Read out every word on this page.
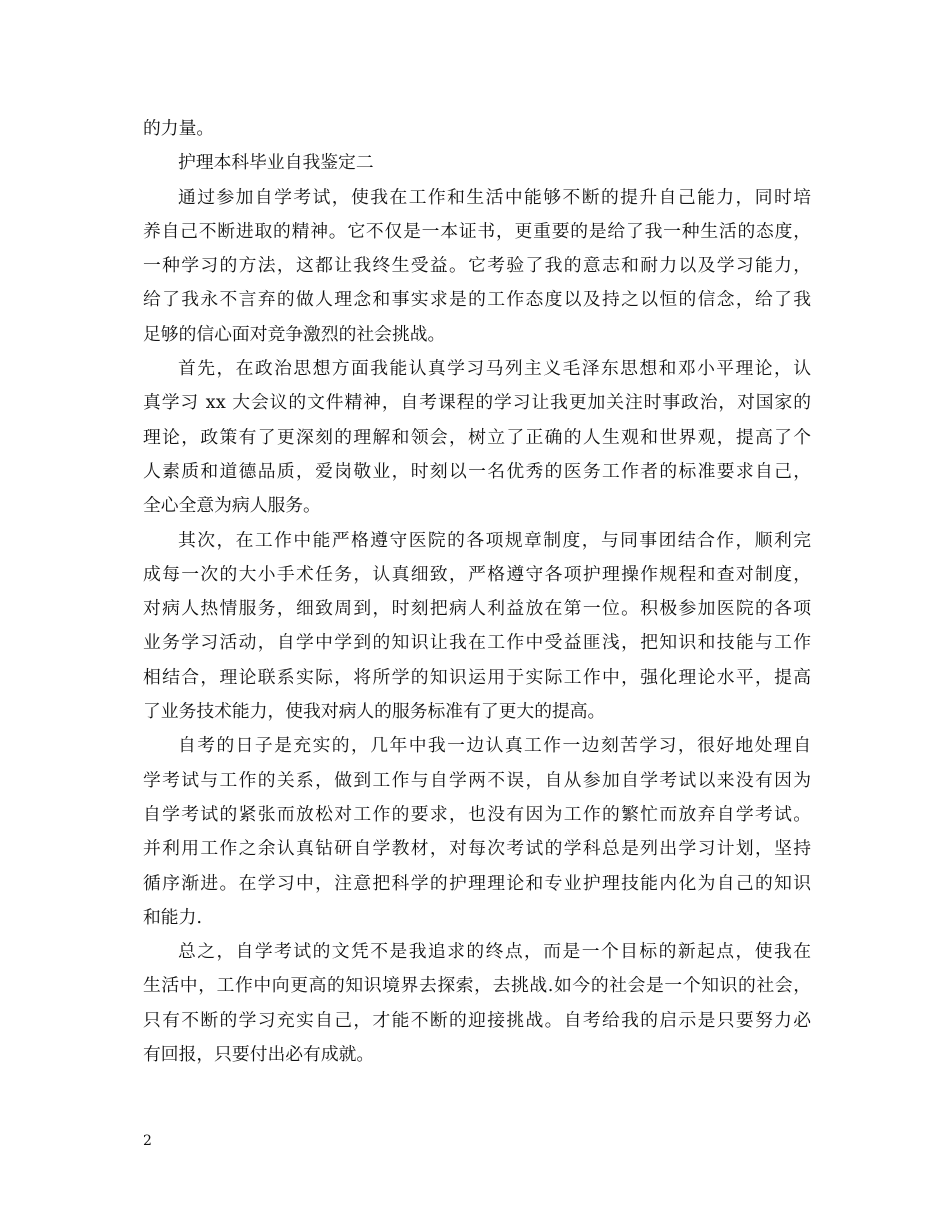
的力量。
护理本科毕业自我鉴定二
通过参加自学考试，使我在工作和生活中能够不断的提升自己能力，同时培
养自己不断进取的精神。它不仅是一本证书，更重要的是给了我一种生活的态度，
一种学习的方法，这都让我终生受益。它考验了我的意志和耐力以及学习能力，
给了我永不言弃的做人理念和事实求是的工作态度以及持之以恒的信念，给了我
足够的信心面对竞争激烈的社会挑战。
首先，在政治思想方面我能认真学习马列主义毛泽东思想和邓小平理论，认
真学习 xx 大会议的文件精神，自考课程的学习让我更加关注时事政治，对国家的
理论，政策有了更深刻的理解和领会，树立了正确的人生观和世界观，提高了个
人素质和道德品质，爱岗敬业，时刻以一名优秀的医务工作者的标准要求自己，
全心全意为病人服务。
其次，在工作中能严格遵守医院的各项规章制度，与同事团结合作，顺利完
成每一次的大小手术任务，认真细致，严格遵守各项护理操作规程和查对制度，
对病人热情服务，细致周到，时刻把病人利益放在第一位。积极参加医院的各项
业务学习活动，自学中学到的知识让我在工作中受益匪浅，把知识和技能与工作
相结合，理论联系实际，将所学的知识运用于实际工作中，强化理论水平，提高
了业务技术能力，使我对病人的服务标准有了更大的提高。
自考的日子是充实的，几年中我一边认真工作一边刻苦学习，很好地处理自
学考试与工作的关系，做到工作与自学两不误，自从参加自学考试以来没有因为
自学考试的紧张而放松对工作的要求，也没有因为工作的繁忙而放弃自学考试。
并利用工作之余认真钻研自学教材，对每次考试的学科总是列出学习计划，坚持
循序渐进。在学习中，注意把科学的护理理论和专业护理技能内化为自己的知识
和能力.
总之，自学考试的文凭不是我追求的终点，而是一个目标的新起点，使我在
生活中，工作中向更高的知识境界去探索，去挑战.如今的社会是一个知识的社会，
只有不断的学习充实自己，才能不断的迎接挑战。自考给我的启示是只要努力必
有回报，只要付出必有成就。
2
